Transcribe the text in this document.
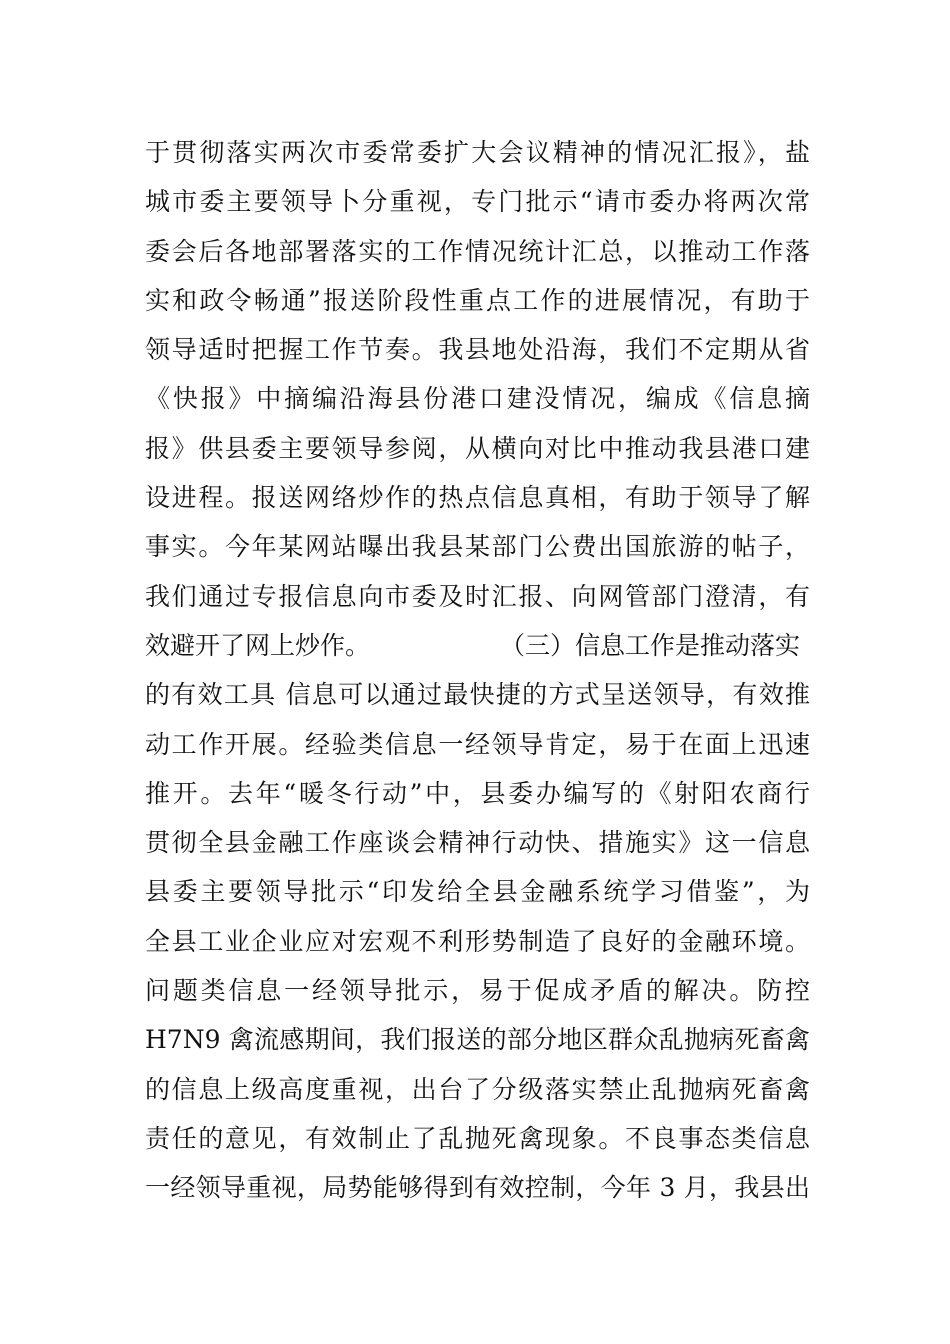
于贯彻落实两次市委常委扩大会议精神的情况汇报》，盐
城市委主要领导卜分重视，专门批示“请市委办将两次常
委会后各地部署落实的工作情况统计汇总，以推动工作落
实和政令畅通”报送阶段性重点工作的进展情况，有助于
领导适时把握工作节奏。我县地处沿海，我们不定期从省
《快报》中摘编沿海县份港口建没情况，编成《信息摘
报》供县委主要领导参阅，从横向对比中推动我县港口建
设进程。报送网络炒作的热点信息真相，有助于领导了解
事实。今年某网站曝出我县某部门公费出国旅游的帖子，
我们通过专报信息向市委及时汇报、向网管部门澄清，有
效避开了网上炒作。	（三）信息工作是推动落实
的有效工具 信息可以通过最快捷的方式呈送领导，有效推
动工作开展。经验类信息一经领导肯定，易于在面上迅速
推开。去年“暖冬行动”中，县委办编写的《射阳农商行
贯彻全县金融工作座谈会精神行动快、措施实》这一信息
县委主要领导批示“印发给全县金融系统学习借鉴”，为
全县工业企业应对宏观不利形势制造了良好的金融环境。
问题类信息一经领导批示，易于促成矛盾的解决。防控
H7N9 禽流感期间，我们报送的部分地区群众乱抛病死畜禽
的信息上级高度重视，出台了分级落实禁止乱抛病死畜禽
责任的意见，有效制止了乱抛死禽现象。不良事态类信息
一经领导重视，局势能够得到有效控制，今年 3 月，我县出
